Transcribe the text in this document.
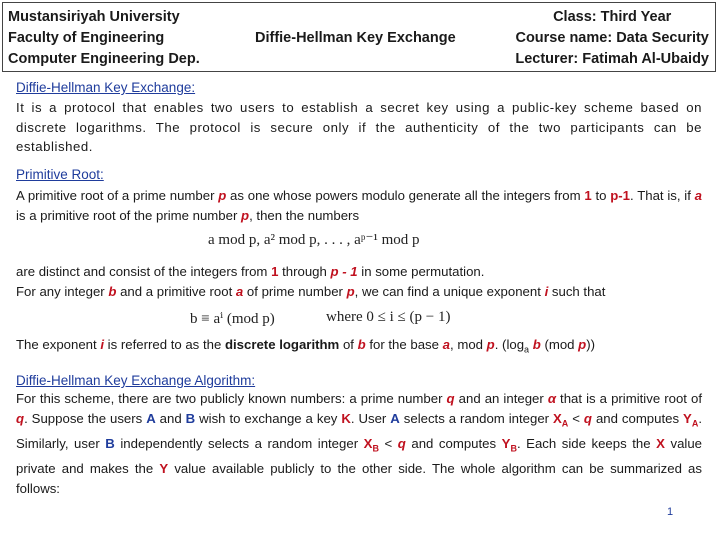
Mustansiriyah University
Faculty of Engineering
Computer Engineering Dep.
Diffie-Hellman Key Exchange
Class: Third Year
Course name: Data Security
Lecturer: Fatimah Al-Ubaidy
Diffie-Hellman Key Exchange:
It is a protocol that enables two users to establish a secret key using a public-key scheme based on discrete logarithms. The protocol is secure only if the authenticity of the two participants can be established.
Primitive Root:
A primitive root of a prime number p as one whose powers modulo generate all the integers from 1 to p-1. That is, if a is a primitive root of the prime number p, then the numbers
a mod p, a² mod p, . . . , aᵖ⁻¹ mod p
are distinct and consist of the integers from 1 through p - 1 in some permutation.
For any integer b and a primitive root a of prime number p, we can find a unique exponent i such that
b ≡ aⁱ (mod p)	where 0 ≤ i ≤ (p − 1)
The exponent i is referred to as the discrete logarithm of b for the base a, mod p. ($\log_a$ b (mod p))
Diffie-Hellman Key Exchange Algorithm:
For this scheme, there are two publicly known numbers: a prime number q and an integer α that is a primitive root of q. Suppose the users A and B wish to exchange a key K. User A selects a random integer $X_A < q$ and computes $Y_A$. Similarly, user B independently selects a random integer $X_B < q$ and computes $Y_B$. Each side keeps the X value private and makes the Y value available publicly to the other side. The whole algorithm can be summarized as follows:
1
